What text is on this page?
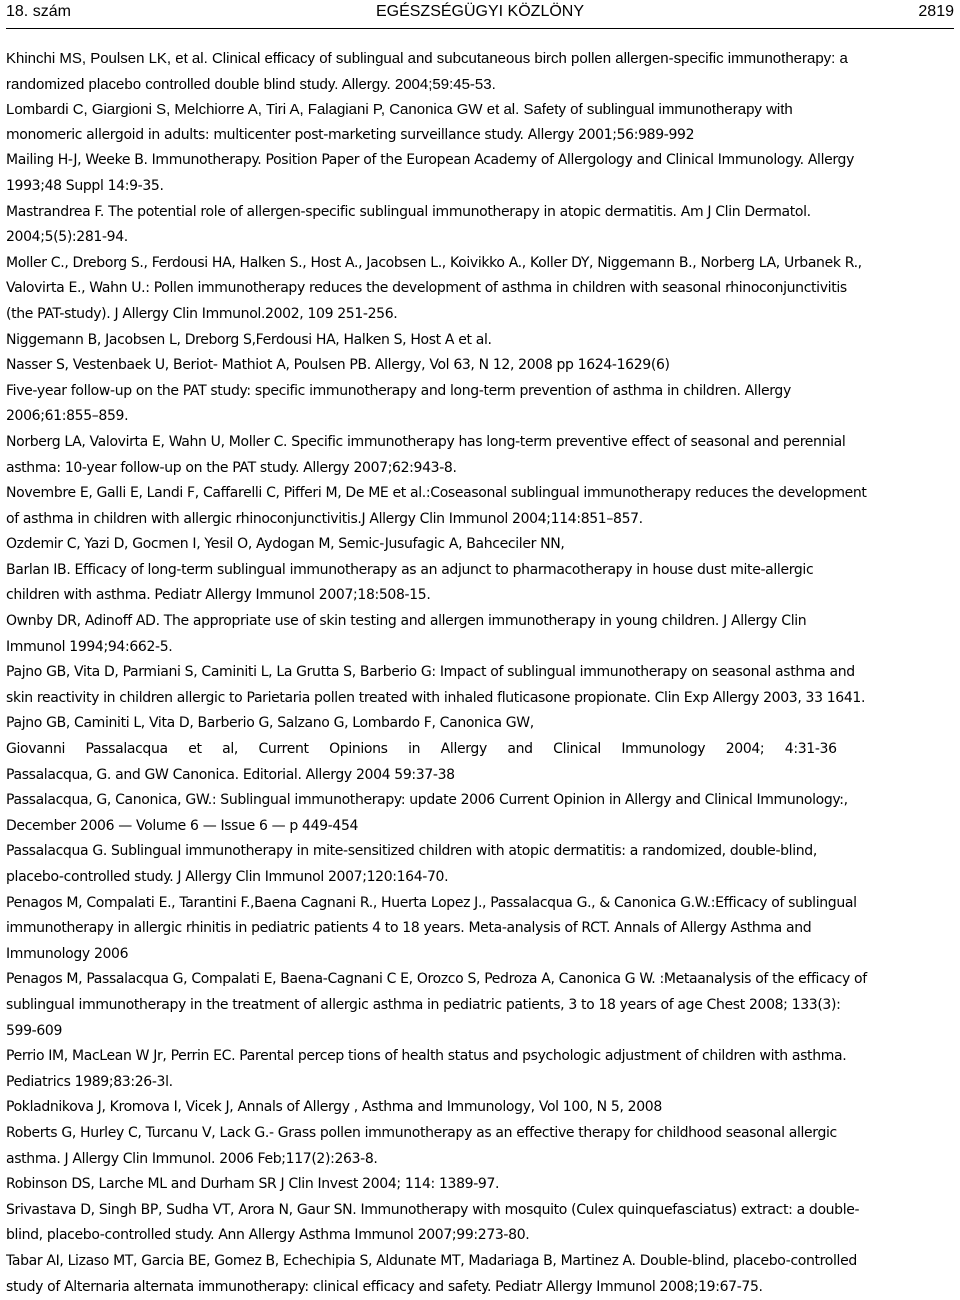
18. szám	EGÉSZSÉGÜGYI KÖZLÖNY	2819

Khinchi MS, Poulsen LK, et al. Clinical efficacy of sublingual and subcutaneous birch pollen allergen-specific immunotherapy: a

randomized placebo controlled double blind study. Allergy. 2004;59:45-53.

Lombardi C, Giargioni S, Melchiorre A, Tiri A, Falagiani P, Canonica GW et al. Safety of sublingual immunotherapy with

monomeric allergoid in adults: multicenter post-marketing surveillance study. Allergy 2001;56:989-992

Mailing H-J, Weeke B. Immunotherapy. Position Paper of the European Academy of Allergology and Clinical Immunology. Allergy

1993;48 Suppl 14:9-35.

Mastrandrea F. The potential role of allergen-specific sublingual immunotherapy in atopic dermatitis. Am J Clin Dermatol.

2004;5(5):281-94.

Moller C., Dreborg S., Ferdousi HA, Halken S., Host A., Jacobsen L., Koivikko A., Koller DY, Niggemann B., Norberg LA, Urbanek R.,

Valovirta E., Wahn U.: Pollen immunotherapy reduces the development of asthma in children with seasonal rhinoconjunctivitis

(the PAT-study). J Allergy Clin Immunol.2002, 109 251-256.

Niggemann B, Jacobsen L, Dreborg S,Ferdousi HA, Halken S, Host A et al.

Nasser S, Vestenbaek U, Beriot- Mathiot A, Poulsen PB. Allergy, Vol 63, N 12, 2008 pp 1624-1629(6)

Five-year follow-up on the PAT study: specific immunotherapy and long-term prevention of asthma in children. Allergy

2006;61:855–859.

Norberg LA, Valovirta E, Wahn U, Moller C. Specific immunotherapy has long-term preventive effect of seasonal and perennial

asthma: 10-year follow-up on the PAT study. Allergy 2007;62:943-8.

Novembre E, Galli E, Landi F, Caffarelli C, Pifferi M, De ME et al.:Coseasonal sublingual immunotherapy reduces the development

of asthma in children with allergic rhinoconjunctivitis.J Allergy Clin Immunol 2004;114:851–857.

Ozdemir C, Yazi D, Gocmen I, Yesil O, Aydogan M, Semic-Jusufagic A, Bahceciler NN,

Barlan IB. Efficacy of long-term sublingual immunotherapy as an adjunct to pharmacotherapy in house dust mite-allergic

children with asthma. Pediatr Allergy Immunol 2007;18:508-15.

Ownby DR, Adinoff AD. The appropriate use of skin testing and allergen immunotherapy in young children. J Allergy Clin

Immunol 1994;94:662-5.

Pajno GB, Vita D, Parmiani S, Caminiti L, La Grutta S, Barberio G: Impact of sublingual immunotherapy on seasonal asthma and

skin reactivity in children allergic to Parietaria pollen treated with inhaled fluticasone propionate. Clin Exp Allergy 2003, 33 1641.

Pajno GB, Caminiti L, Vita D, Barberio G, Salzano G, Lombardo F, Canonica GW,

Giovanni     Passalacqua     et     al,     Current     Opinions     in     Allergy     and     Clinical     Immunology     2004;     4:31-36

Passalacqua, G. and GW Canonica. Editorial. Allergy 2004 59:37-38

Passalacqua, G, Canonica, GW.: Sublingual immunotherapy: update 2006 Current Opinion in Allergy and Clinical Immunology:,

December 2006 — Volume 6 — Issue 6 — p 449-454

Passalacqua G. Sublingual immunotherapy in mite-sensitized children with atopic dermatitis: a randomized, double-blind,

placebo-controlled study. J Allergy Clin Immunol 2007;120:164-70.

Penagos M, Compalati E., Tarantini F.,Baena Cagnani R., Huerta Lopez J., Passalacqua G., & Canonica G.W.:Efficacy of sublingual

immunotherapy in allergic rhinitis in pediatric patients 4 to 18 years. Meta-analysis of RCT. Annals of Allergy Asthma and

Immunology 2006

Penagos M, Passalacqua G, Compalati E, Baena-Cagnani C E, Orozco S, Pedroza A, Canonica G W. :Metaanalysis of the efficacy of

sublingual immunotherapy in the treatment of allergic asthma in pediatric patients, 3 to 18 years of age Chest 2008; 133(3):

599-609

Perrio IM, MacLean W Jr, Perrin EC. Parental percep tions of health status and psychologic adjustment of children with asthma.

Pediatrics 1989;83:26-3l.

Pokladnikova J, Kromova I, Vicek J, Annals of Allergy , Asthma and Immunology, Vol 100, N 5, 2008

Roberts G, Hurley C, Turcanu V, Lack G.- Grass pollen immunotherapy as an effective therapy for childhood seasonal allergic

asthma. J Allergy Clin Immunol. 2006 Feb;117(2):263-8.

Robinson DS, Larche ML and Durham SR J Clin Invest 2004; 114: 1389-97.

Srivastava D, Singh BP, Sudha VT, Arora N, Gaur SN. Immunotherapy with mosquito (Culex quinquefasciatus) extract: a double-

blind, placebo-controlled study. Ann Allergy Asthma Immunol 2007;99:273-80.

Tabar AI, Lizaso MT, Garcia BE, Gomez B, Echechipia S, Aldunate MT, Madariaga B, Martinez A. Double-blind, placebo-controlled

study of Alternaria alternata immunotherapy: clinical efficacy and safety. Pediatr Allergy Immunol 2008;19:67-75.
